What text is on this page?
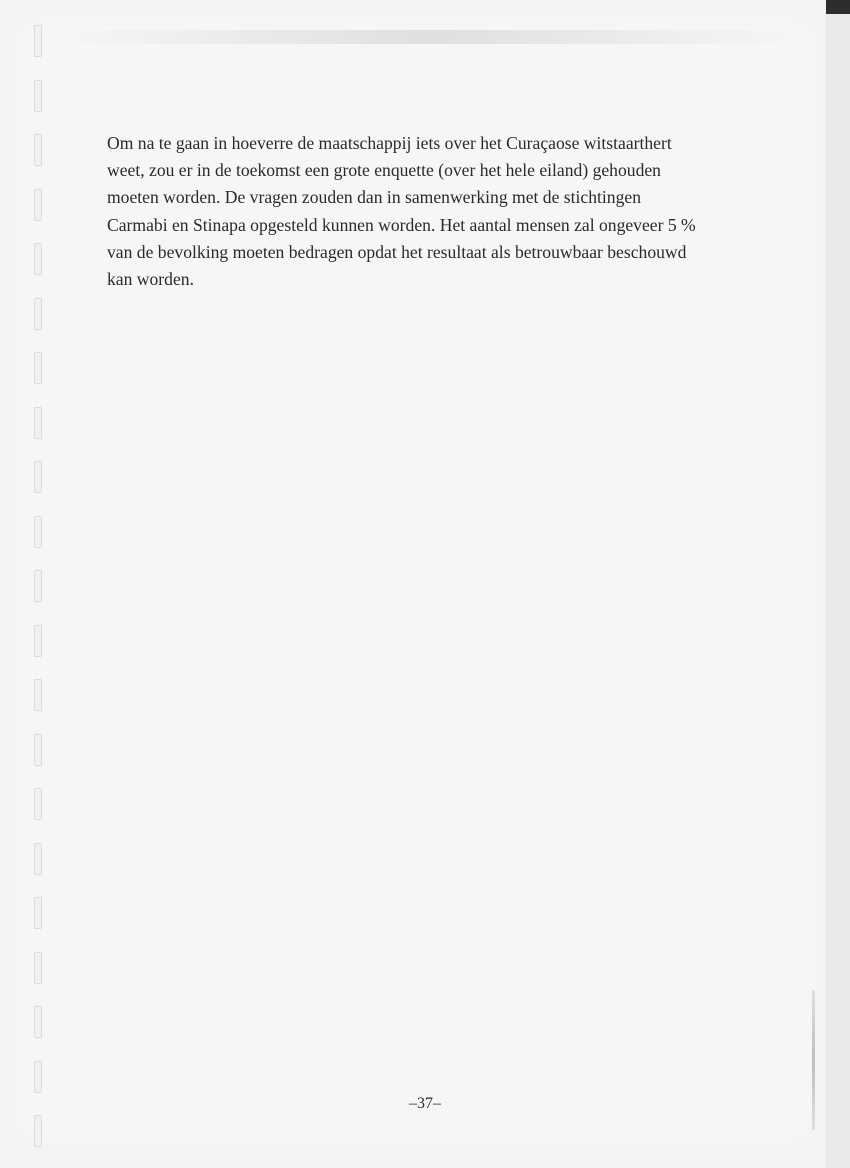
Om na te gaan in hoeverre de maatschappij iets over het Curaçaose witstaarthert
weet, zou er in de toekomst een grote enquette (over het hele eiland) gehouden
moeten worden. De vragen zouden dan in samenwerking met de stichtingen
Carmabi en Stinapa opgesteld kunnen worden. Het aantal mensen zal ongeveer 5 %
van de bevolking moeten bedragen opdat het resultaat als betrouwbaar beschouwd
kan worden.

–37–
